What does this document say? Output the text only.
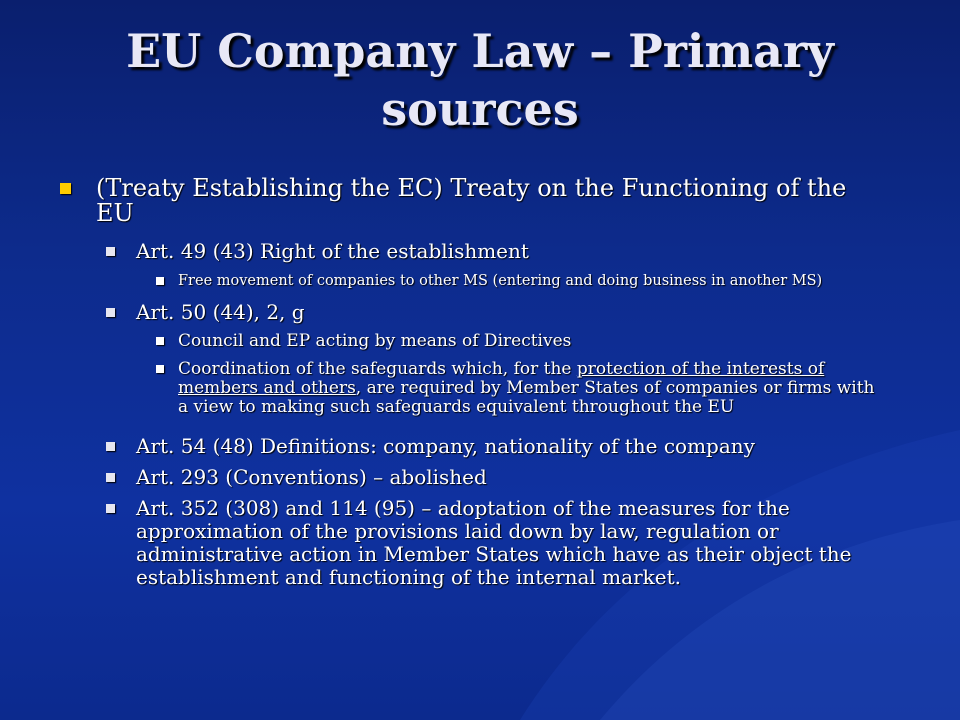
EU Company Law – Primary sources
(Treaty Establishing the EC) Treaty on the Functioning of the EU
Art. 49 (43) Right of the establishment
Free movement of companies to other MS (entering and doing business in another MS)
Art. 50 (44), 2, g
Council and EP acting by means of Directives
Coordination of the safeguards which, for the protection of the interests of members and others, are required by Member States of companies or firms with a view to making such safeguards equivalent throughout the EU
Art. 54 (48) Definitions: company, nationality of the company
Art. 293 (Conventions) – abolished
Art. 352 (308) and 114 (95) – adoptation of the measures for the approximation of the provisions laid down by law, regulation or administrative action in Member States which have as their object the establishment and functioning of the internal market.
